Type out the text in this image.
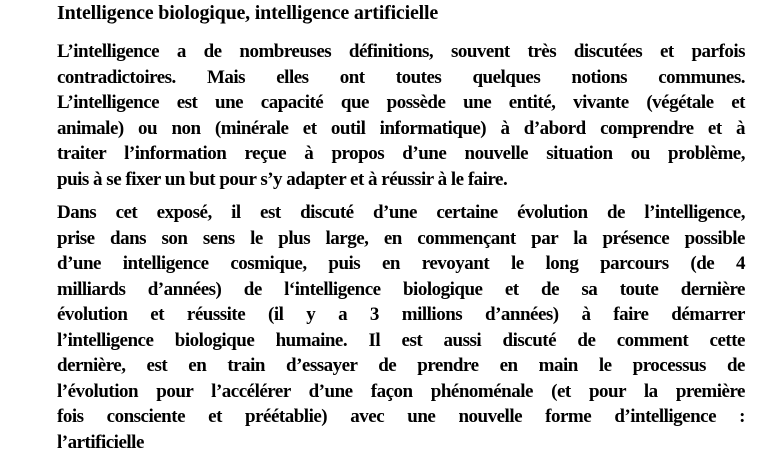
Intelligence biologique, intelligence artificielle
L’intelligence a de nombreuses définitions, souvent très discutées et parfois
contradictoires. Mais elles ont toutes quelques notions communes.
L’intelligence est une capacité que possède une entité, vivante (végétale et
animale) ou non (minérale et outil informatique) à d’abord comprendre et à
traiter l’information reçue à propos d’une nouvelle situation ou problème,
puis à se fixer un but pour s’y adapter et à réussir à le faire.
Dans cet exposé, il est discuté d’une certaine évolution de l’intelligence,
prise dans son sens le plus large, en commençant par la présence possible
d’une intelligence cosmique, puis en revoyant le long parcours (de 4
milliards d’années) de l‘intelligence biologique et de sa toute dernière
évolution et réussite (il y a 3 millions d’années) à faire démarrer
l’intelligence biologique humaine. Il est aussi discuté de comment cette
dernière, est en train d’essayer de prendre en main le processus de
l’évolution pour l’accélérer d’une façon phénoménale (et pour la première
fois consciente et préétablie) avec une nouvelle forme d’intelligence :
l’artificielle
